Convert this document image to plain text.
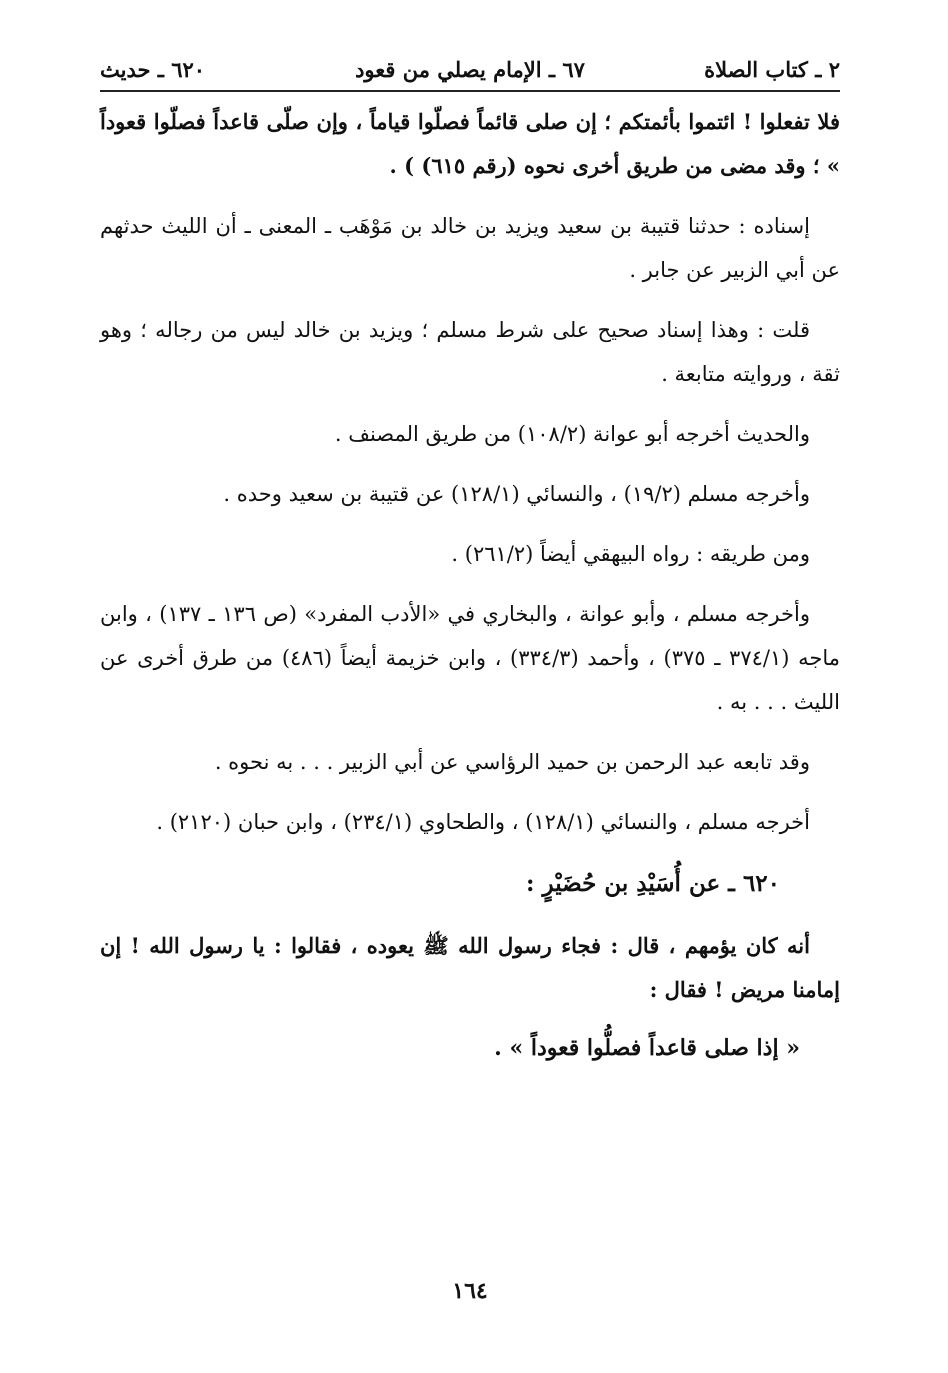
٢ ـ كتاب الصلاة
٦٧ ـ الإمام يصلي من قعود
٦٢٠ ـ حديث

فلا تفعلوا ! ائتموا بأئمتكم ؛ إن صلى قائماً فصلّوا قياماً ، وإن صلّى قاعداً فصلّوا قعوداً » ؛ وقد مضى من طريق أخرى نحوه (رقم ٦١٥) ) .

إسناده : حدثنا قتيبة بن سعيد ويزيد بن خالد بن مَوْهَب ـ المعنى ـ أن الليث حدثهم عن أبي الزبير عن جابر .

قلت : وهذا إسناد صحيح على شرط مسلم ؛ ويزيد بن خالد ليس من رجاله ؛ وهو ثقة ، وروايته متابعة .

والحديث أخرجه أبو عوانة (١٠٨/٢) من طريق المصنف .

وأخرجه مسلم (١٩/٢) ، والنسائي (١٢٨/١) عن قتيبة بن سعيد وحده .

ومن طريقه : رواه البيهقي أيضاً (٢٦١/٢) .

وأخرجه مسلم ، وأبو عوانة ، والبخاري في «الأدب المفرد» (ص ١٣٦ ـ ١٣٧) ، وابن ماجه (٣٧٤/١ ـ ٣٧٥) ، وأحمد (٣٣٤/٣) ، وابن خزيمة أيضاً (٤٨٦) من طرق أخرى عن الليث . . . به .

وقد تابعه عبد الرحمن بن حميد الرؤاسي عن أبي الزبير . . . به نحوه .

أخرجه مسلم ، والنسائي (١٢٨/١) ، والطحاوي (٢٣٤/١) ، وابن حبان (٢١٢٠) .

٦٢٠ ـ عن أُسَيْدِ بن حُضَيْرٍ :

أنه كان يؤمهم ، قال : فجاء رسول الله ﷺ يعوده ، فقالوا : يا رسول الله ! إن إمامنا مريض ! فقال :

« إذا صلى قاعداً فصلُّوا قعوداً » .

١٦٤
